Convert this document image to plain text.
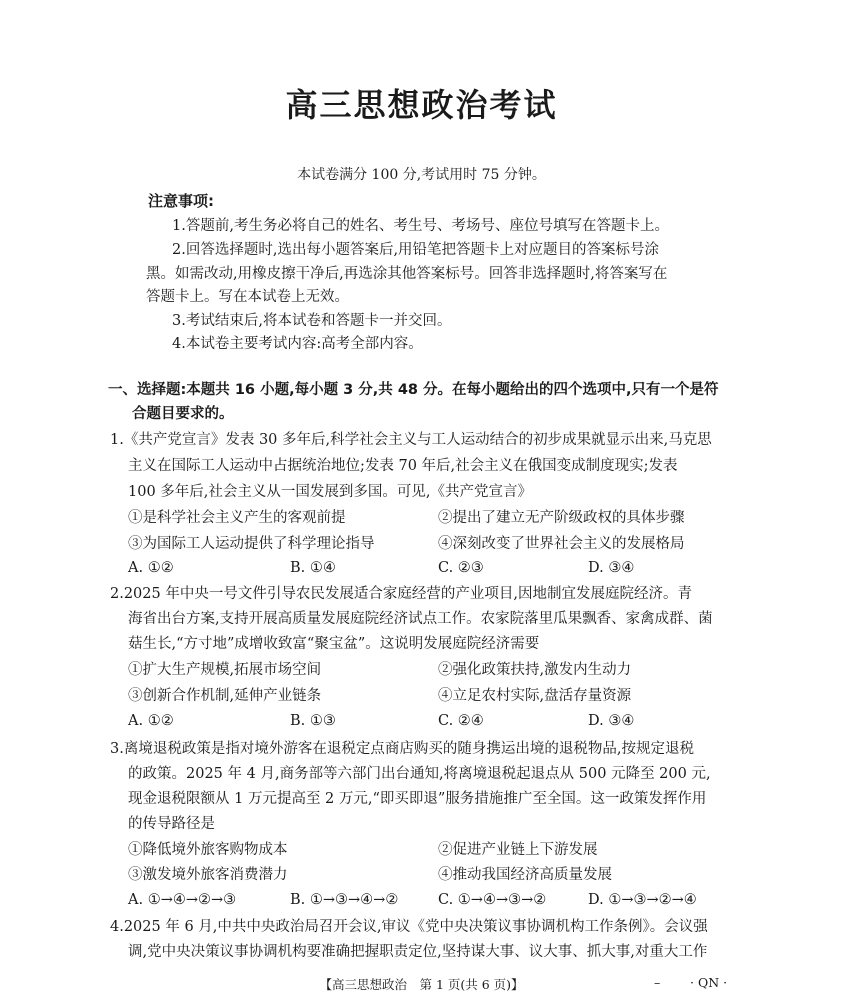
高三思想政治考试
本试卷满分 100 分,考试用时 75 分钟。
注意事项:
1.答题前,考生务必将自己的姓名、考生号、考场号、座位号填写在答题卡上。
2.回答选择题时,选出每小题答案后,用铅笔把答题卡上对应题目的答案标号涂
黑。如需改动,用橡皮擦干净后,再选涂其他答案标号。回答非选择题时,将答案写在
答题卡上。写在本试卷上无效。
3.考试结束后,将本试卷和答题卡一并交回。
4.本试卷主要考试内容:高考全部内容。
一、选择题:本题共 16 小题,每小题 3 分,共 48 分。在每小题给出的四个选项中,只有一个是符
合题目要求的。
1.《共产党宣言》发表 30 多年后,科学社会主义与工人运动结合的初步成果就显示出来,马克思
主义在国际工人运动中占据统治地位;发表 70 年后,社会主义在俄国变成制度现实;发表
100 多年后,社会主义从一国发展到多国。可见,《共产党宣言》
①是科学社会主义产生的客观前提	②提出了建立无产阶级政权的具体步骤
③为国际工人运动提供了科学理论指导	④深刻改变了世界社会主义的发展格局
A. ①②	B. ①④	C. ②③	D. ③④
2.2025 年中央一号文件引导农民发展适合家庭经营的产业项目,因地制宜发展庭院经济。青
海省出台方案,支持开展高质量发展庭院经济试点工作。农家院落里瓜果飘香、家禽成群、菌
菇生长,“方寸地”成增收致富“聚宝盆”。这说明发展庭院经济需要
①扩大生产规模,拓展市场空间	②强化政策扶持,激发内生动力
③创新合作机制,延伸产业链条	④立足农村实际,盘活存量资源
A. ①②	B. ①③	C. ②④	D. ③④
3.离境退税政策是指对境外游客在退税定点商店购买的随身携运出境的退税物品,按规定退税
的政策。2025 年 4 月,商务部等六部门出台通知,将离境退税起退点从 500 元降至 200 元,
现金退税限额从 1 万元提高至 2 万元,“即买即退”服务措施推广至全国。这一政策发挥作用
的传导路径是
①降低境外旅客购物成本	②促进产业链上下游发展
③激发境外旅客消费潜力	④推动我国经济高质量发展
A. ①→④→②→③	B. ①→③→④→②	C. ①→④→③→②	D. ①→③→②→④
4.2025 年 6 月,中共中央政治局召开会议,审议《党中央决策议事协调机构工作条例》。会议强
调,党中央决策议事协调机构要准确把握职责定位,坚持谋大事、议大事、抓大事,对重大工作
【高三思想政治　第 1 页(共 6 页)】	– · QN ·
